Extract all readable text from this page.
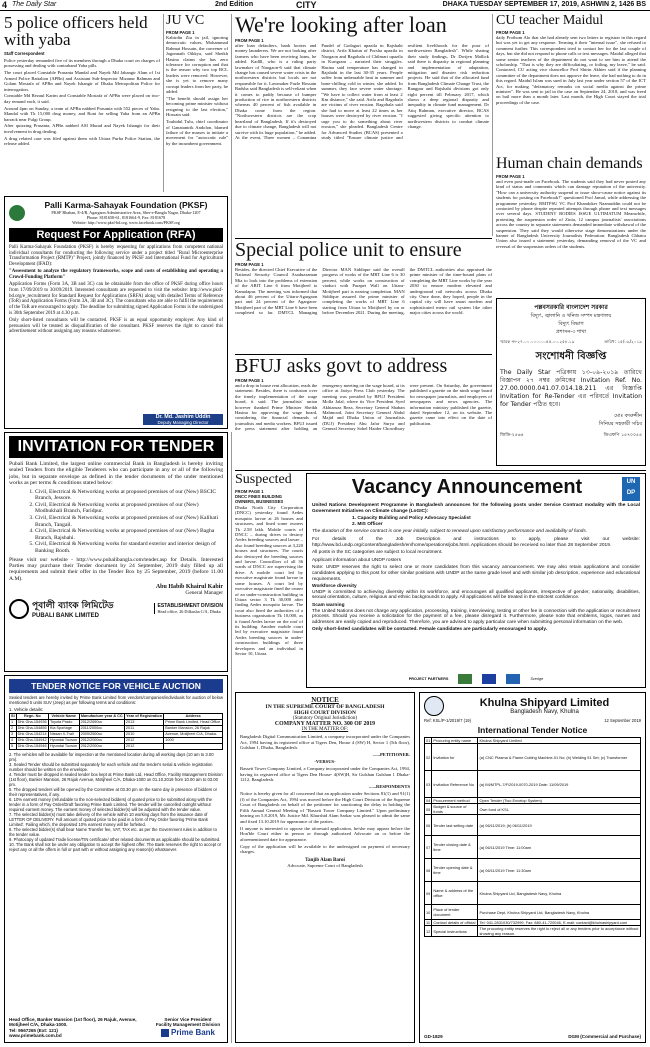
4 The Daily Star	2nd Edition	CITY	DHAKA TUESDAY SEPTEMBER 17, 2019, ASHWIN 2, 1426 BS
5 police officers held with yaba
Staff Correspondent

Police yesterday remanded five of its members through a Dhaka court on charges of possessing and dealing with contraband Yaba pills.

The court placed Constable Prasanta Mandal and Nayek Md Jahangir Alam of 1st Armed Police Battalion (APBn) and Assistant Sub-Inspector Mizanur Rahman and Golam Mostafa of APBn and Nayek Ishangir of Dhaka Metropolitan Police for interrogation.

Constable Md Rezaul Karim and Constable Mostafa of APBn were placed on two-day remand each, it said.

Around 4pm on Sunday, a team of APBn nabbed Prasanta with 552 pieces of Yaba. Mandal with Tk 15,000 drug money, and Roni for selling Yaba from an APBn barrack near Fulgi Group.

After quizzing Prasanta, APBn nabbed ASI Murad and Nayek Ishangir for their involvement in drug dealing.

A drug related case was filed against them with Uttara Purba Police Station, the release added.

JU VC
FROM PAGE 1

Kabirdin Ziu in jail, ignoring democratic values, Mohammad Rahmat Hossain, the convener of Jagonnath Oikkya, said Sheikh Hasina claims she has zero tolerance for corruption and that is the reason why two top BCL leaders were removed. However, she is yet to remove many corrupt leaders from her party, he added.

"The benefit should assign her becoming prime minister without resigning to the last election," Hossain said.

Touhidul Tulu, chief coordinator of Ganatantrik Andolon, blamed failure of the masses to initiate a movement for "autocratic rule" by the incumbent government.

Palli Karma-Sahayak Foundation (PKSF)
PKSF Bhaban, E-4/B, Agargaon Administrative Area, Sher-e-Bangla Nagar, Dhaka-1207
Phone: 8181658-61, 8181664-9, Fax: 8181678
Website: http://www.pksf-bd.org, www.facebook.com/PKSF.org
Request For Application (RFA)

Palli Karma-Sahayak Foundation (PKSF) is hereby requesting for applications from competent national individual consultants for conducting the following service under a project titled "Rural Microenterprise Transformation Project (RMTP)" Project, jointly financed by PKSF and International Fund for Agricultural Development (IFAD):

"Assessment to analyze the regulatory frameworks, scope and costs of establishing and operating a Crowd-Funding Platform"

Application Forms (Form 3A, 3B and 3C) can be obtainable from the office of PKSF during office hours from 17/09/2019 to 30/09/2019. Interested consultants are requested to visit the website: http://www.pksf-bd.org/e_recruitment for Standard Request for Applications (SRFA) along with detailed Terms of Reference (ToR) and Application Forms (Form 3A, 3B and 3C). The consultants who are able to fulfil the requirements of the ToR are encouraged to apply. The deadline for submitting signed Application Forms is the undersigned is 30th September 2019 at 4.30 p.m.

Only short-listed consultants will be contacted. PKSF is an equal opportunity employer. Any kind of persuasion will be treated as disqualification of the consultant. PKSF reserves the right to cancel this advertisement without assigning any reasons whatsoever.

Dr. Md. Jashim Uddin
Deputy Managing Director
INVITATION FOR TENDER
Pubali Bank Limited, the largest online commercial Bank in Bangladesh is hereby inviting sealed Tenders from the eligible Tenderers who can participate in any or all of the following jobs, but in separate envelope as defined in the tender documents of the under mentioned works as per terms & conditions stated below:
1. Civil, Electrical & Networking works at proposed premises of our (New) BSCIC Branch, Jessore.
2. Civil, Electrical & Networking works at proposed premises of our (New) Modhukhali Branch, Faridpur.
3. Civil, Electrical & Networking works at proposed premises of our (New) Kalihati Branch, Tangail.
4. Civil, Electrical & Networking works at proposed premises of our (New) Bagha Branch, Rajshahi.
5. Civil, Electrical & Networking works for standard exterior and interior design of Banking Booth.
Please visit our website - http://www.pubalibangla.com/tender.asp for Details. Interested Parties may purchase their Tender document by 24 September, 2019 duly filled up all requirements and submit their offer in the Tender Box by 25 September, 2019 (before 11.00 A.M).
Abu Habib Khairul Kabir
General Manager
পূবালী ব্যাংক লিমিটেড
PUBALI BANK LIMITED
ESTABLISHMENT DIVISION
Head office, 26 Dilkusha C/A, Dhaka
TENDER NOTICE FOR VEHICLE AUCTION
Sealed tenders are hereby invited by Prime Bank Limited from vendors/companies/individuals for auction of below mentioned 5 units SUV (Jeep) as per following terms and conditions:
1. Vehicle details:
SI	Regn. No	Vehicle Name	Manufacture year & CC	Year of Registration	Address
1	Dhk Gha-154936	Toyota Prado	2012/2690cc	2013	Prime Bank Limited, Head Office
2	Dhk Gha-154856	Kia Sportage	2011/2000cc	2011	Banker Mansion, 26 Rajuk
3	Dhk Gha-154214	Nissan X-Trail	2009/2500cc	2010	Avenue, Motijheel C/A, Dhaka-
4	Dhk Gha-154942	Hyundai Tucson	2012/2000cc	2012	1000
5	Dhk Gha-154946	Hyundai Tucson	2012/2000cc	2012	
2. The vehicles will be available for inspection at the mentioned location during all working days (10 am to 3.00 pm).
3. Sealed Tender should be submitted separately for each vehicle and the tender's serial & vehicle registration number should be written on the envelope.
4. Tender must be dropped in sealed tender box kept at Prime Bank Ltd, Head Office, Facility Management Division (1st floor), Banker Mansion, 26 Rajuk Avenue, Motijheel C/A, Dhaka-1000 on 01.10.2019 from 10.00 am to 03.00 pm.
5. The dropped tenders will be opened by the Committee at 03.30 pm on the same day in presence of bidders or their representatives, if any.
6. 10% earnest money (refundable to the non-selected bidders) of quoted price to be submitted along with the tender in a form of Pay Order/Draft favoring Prime Bank Limited. The tender will be cancelled outright without required earnest money. The earnest money of selected bidder(s) will be adjusted with the tender value.
7. The selected bidder(s) must take delivery of the vehicle within 10 working days from the issuance date of LETTER OF DELIVERY. Full amount of quoted price to be paid in a form of Pay Order favoring 'Prime Bank Limited'. Failing which, the deposited 10% earnest money will be forfeited.
8. The selected bidder(s) shall bear Name Transfer fee, VAT, TAX etc. as per the Government rules in addition to the tender value.
9. Photocopy of updated Trade license/TIN certificate/ other related documents as applicable should be submitted.
10. The Bank shall not be under any obligation to accept the highest offer. The Bank reserves the right to accept or reject any or all the offers in full or part with or without assigning any reason(s) whatsoever.
Head Office, Banker Mansion (1st floor), 26 Rajuk, Avenue, Motijheel C/A, Dhaka-1000.
Tel: 9567265 (Ext: 121)
www.primebank.com.bd
Senior Vice President
Facility Management Division
Prime Bank
We're looking after loan
FROM PAGE 1
after loan defaulters, bank looters and money launderers. We are not looking after farmers who have been receiving loans, he added. Kadlll, who is a ruling party lawmaker of Naogaon-6 said that climate change has caused severe water crisis in the northwestern districts but locals are not responsible for it. Lawmaker Fazle Hossain Badsha said Bangladesh is self-reliant when it comes to paddy because of bumper production of rice in northwestern districts whereas 40 percent of fish available in Dhaka come from the region. "Northwestern districts are the crop heartland of Bangladesh. If it's destroyed due to climate change, Bangladesh will not survive with its huge population," he added. At the event, Three women – Conamina Paudel of Godagari upazila in Rajshahi district, Arifa Khatun of Porsha upazila in Naogaon and Ragobala of Chilmari upazila in Kurigram – narrated their struggles. Hasina said temperature has changed in Rajshahi in the last 30-35 years. People suffer from unbearable heat in summer and bone-chilling cold in winter, she added. In summer, they face severe water shortage. "We have to collect water from at least 2 Km distance," she said. Arifa and Ragobala are victims of river erosion. Ragobala said she had to move at least 22 times as her houses were destroyed by river erosion. "I urge you to do something about river erosion," she pleaded. Bangladesh Centre for Advanced Studies (BCAS) presented a study titled "Ensure climate justice and resilient livelihoods for the poor of northwestern Bangladesh". While sharing their study findings, Dr Dwijen Mallick said there is disparity in regional planning and implementation of adaptation, mitigation and disaster risk reduction projects. He said that of the allocated fund from Bangladesh Climate Change Trust, the Rangpur and Rajshahi divisions got only eight percent till February 2017, which shows a deep regional disparity and inequality in climate fund management. Dr Atiq Rahman, executive director, BCAS suggested giving specific attention to northwestern districts to combat climate change.
CU teacher Maidul
FROM PAGE 1
daily Prothom Alo that she had already sent two letters to registrar in this regard but was yet to get any response. Terming it their "internal issue", she refused to comment further. This correspondent tried to contact her for the last couple of days, but she did not respond to phone calls or text messages. Maidul alleged that some senior teachers of the department do not want to see him to attend the scholarship. "That is why they are difficultating, or foiling, my leave," he said. Contacted, CU acting vice chancellor Prof Shirin Akhter said if the planning committee of the department does not approve the leave, she had nothing to do in this regard. Maidul Islam was sued in July last year under section 57 of the ICT Act, for making "defamatory remarks on social media against the prime minister". He was sent to jail in the case on September 24, 2018, and was freed on bail more than a month later. Last month, the High Court stayed the trial proceedings of the case.
Human chain demands
FROM PAGE 1
and even post-made on Facebook. The students said they had never posted any kind of status and comments which can damage reputation of the university. "How can a university authority suspend or issue show-cause notice against its students for posting on Facebook?" questioned Prof Jamal, while addressing the programme yesterday. RMTPSU VC Prof Khandoker Nazmuddin could not be contacted by phone despite repeated attempts through phone and text messages over several days. STUDENT BODIES ISSUE ULTIMATUM Meanwhile, protesting the suspension order of Zinia, 12 campus journalists' associations across the country in separate statements demanded immediate withdrawal of the suspension. They said they would otherwise stage demonstrations under the banner of Bangladesh University Journalists Federation. Bangladesh Chhatra Union also issued a statement yesterday, demanding removal of the VC and reversal of the suspension orders of the students.
Special police unit to ensure
FROM PAGE 1
Besides, the directed Chief Executive of the National Security Council Asaduzzaman Mia to look into the problems of extension of the ARIT Line 6 from Motijheel to Kamalapur. The meeting was informed that about 46 percent of the Uttara-Agargaon part and 24 percent of the Agargaon-Motijheel part of the MRT Line 6 have been completed so far. DMTCL Managing Director MAN Siddique said the overall progress of works of the MRT Line 6 is 30 percent, while works on construction of viaduct with Parapet Wall on Uttara-Motijheel part is nearing completion. MAN Siddique assured the prime minister of completing the works of MRT Line 6 starting from Uttara to Motijheel by on or before December 2021. During the meeting, the DMTCL authorities also appraised the prime minister of the time-bound plans of completing the MRT Line works by the year 2030 to ensure modern elevated and underground rail networks across Dhaka city. Once done, they hoped, people in the capital city will have smart modern and sophisticated metro rail system like other major cities across the world.
BFUJ asks govt to address
FROM PAGE 1
and a drop in house rent allocation, reads the statement. Besides, there is confusion over the timely implementation of the wage board, it said. The journalists' union however thanked Prime Minister Sheikh Hasina for approving the wage board, considering the financial demands of journalists and media workers. BFUJ issued the press statement after holding an emergency meeting on the wage board, at its office at Jatiyo Press Club yesterday. The meeting was presided by BFUJ President Molla Jalal, where its Vice President Syed Akhtaruzz Reza, Secretary General Shaban Mahmood, Joint Secretary General Abdul Majid and Dhaka Union of Journalists (DUJ) President Abu Jafar Surya and General Secretary Sohel Haider Chowdhury were present. On Saturday, the government published a gazette on the ninth wage board for newspaper journalists, and employees of newspapers and news agencies. The information ministry published the gazette, dated September 12, on its website. The gazette came into effect on the date of publication.
পল্লবসরকারি বাংলাদেশ সরকার
বিদ্যুৎ, জ্বালানি ও খনিজ সম্পদ মন্ত্রণালয়
বিদ্যুৎ বিভাগ
প্রশাসন-৩ শাখা
স্মারক নং-২৭.০০.০০০০.০৫৫.০০.২৫৮.১৯	তারিখ: ১৫/০৯/২০১৯
সংশোধনী বিজ্ঞপ্তি
The Daily Star পত্রিকায় ১৩-০৯-২০১৯ তারিখে বিজ্ঞাপন ২৭ নম্বর ক্রমিকের Invitation Ref. No. 27.00.0000.041.07.014.18.211 এর বিজ্ঞাপ্তি Invitation for Re-Tender এর পরিবর্তে Invitation for Tender পঠিত হবে।
মোঃ বদরুদ্দীন
সিনিয়র সহকারী সচিব
জিডি-২৫৬৪	ডিএফপি ১৫৭০০৫৪
Suspected
FROM PAGE 1
DNCC FINES BUILDING OWNERS, BUSINESSES
Dhaka North City Corporation (DNCC) yesterday found Aedes mosquito larvae at 26 houses and structures, and fined some owners Tk 2.58 lakh. Mobile courts of DNCC – during drives to destroy Aedes breeding sources and larvae – also found breeding sources at 3,220 houses and structures. The courts also destroyed the breeding sources and larvae. Councillors of all 36 wards of DNCC are supervising the drive. A mobile court led by executive magistrate found larvae in some houses. A court led by executive magistrate fined the owner of an under-construction building in Uttara sector 3 Tk 30,000 after finding Aedes mosquito larvae. The court also fined the authorities of a business organisation Tk 10,000, as it found Aedes larvae on the roof of its building. Another mobile court led by executive magistrate found Aedes breeding sources in under-construction buildings of three developers and an individual in Sector 10, Uttara.
Vacancy Announcement	UN DP

United Nations Development Programme in Bangladesh announces for the following posts under Service Contract modality with the Local Government Initiatives on Climate change (LoGIC):

1. Capacity Building and Policy Advocacy Specialist
2. MIS Officer

The duration of the service contract is one year initially, subject to renewal upon satisfactory performance and availability of funds.

For details of the Job Description and instructions to apply, please visit our website: http://www.bd.undp.org/content/bangladesh/en/home/operations/jobs.html. Applications should be received no later than 28 September 2019.

All posts in the SC categories are subject to local recruitment.

Applicant information about UNDP rosters

Note: UNDP reserves the right to select one or more candidates from this vacancy announcement. We may also retain applications and consider candidates applying to this post for other similar positions with UNDP at the same grade level and with similar job description, experience and educational requirements.

Workforce diversity

UNDP is committed to achieving diversity within its workforce, and encourages all qualified applicants, irrespective of gender, nationality, disabilities, sexual orientation, culture, religious and ethnic backgrounds to apply. All applications will be treated in the strictest confidence.

Scam warning

The United Nations does not charge any application, processing, training, interviewing, testing or other fee in connection with the application or recruitment process. Should you receive a solicitation for the payment of a fee, please disregard it. Furthermore, please note that emblems, logos, names and addresses are easily copied and reproduced. Therefore, you are advised to apply particular care when submitting personal information on the web.

Only short-listed candidates will be contacted. Female candidates are particularly encouraged to apply.

PROJECT PARTNERS	Sverige
NOTICE
IN THE SUPREME COURT OF BANGLADESH
HIGH COURT DIVISION
(Statutory Original Jurisdiction)
COMPANY MATTER NO. 300 OF 2019
IN THE MATTER OF:

Bangladesh Digital Communication Limited, a company incorporated under the Companies Act, 1994 having its registered office at Tigers Den, House 4 (SW) H, Sector 1 (5th floor), Gulshan 1, Dhaka, Bangladesh.

......PETITIONER.

-VERSUS-

Bassett Tower Company Limited, a Company incorporated under the Companies Act, 1994, having its registered office at Tigers Den House- 4(SW)H, Sir Gulshan Gulshan 1 Dhaka-1212, Bangladesh.

......RESPONDENTS

Notice is hereby given for all concerned that an application under Sections 81(1) and 91(1)(f) of the Companies Act, 1994 was moved before the High Court Division of the Supreme Court of Bangladesh on behalf of the petitioner for sanctioning the delay in holding the Fifth Annual General Meeting of "Bassett Tower Company Limited." Upon preliminary hearing on 5.8.2019, Mr. Justice Md. Khurshid Alam Sarkar was pleased to admit the same and fixed 13.10.2019 for appearance of the parties.

If anyone is interested to oppose the aforesaid application, he/she may appear before the Hon'ble Court either in person or through authorized Advocate on or before the aforementioned date for appearance.

Copy of the application will be available to the undersigned on payment of necessary charges.

Tanjib Alam Baroi
Advocate, Supreme Court of Bangladesh
Khulna Shipyard Limited
Bangladesh Navy, Khulna
Ref: KSL/P-1/2019/7 (19)	12 September 2019
International Tender Notice
01	Procuring entity name	Khulna Shipyard Limited
02	Invitation for	(a) CNC Plasma & Flame Cutting Machine-01 No; (b) Welding 51 Set; (c) Transformer
03	Invitation Reference No	(a) IM/MTPL-7/F/2019-0070-2019 Date: 11/09/2019
04	Procurement method	Open Tender (Two Envelop System)
05	Budget & source of funds	Own fund of KSL
06	Tender last selling date	(a) 06/11/2019; (b) 06/11/2019
07	Tender closing date & time	(a) 06/11/2019 Time: 11:00am
08	Tender opening date & time	(a) 06/11/2019 Time: 11:30am
09	Name & address of the office	Khulna Shipyard Ltd, Bangladesh Navy, Khulna
10	Place of tender document	Purchase Dept, Khulna Shipyard Ltd, Bangladesh Navy, Khulna
11	Contact details of official	Tel: 041-2831030/732999, Fax: 880-41-720046, E-mail: contact@khulnashipyard.com
12	Special instructions	The procuring entity reserves the right to reject all or any tenders prior to acceptance without showing any reason.
GD-1829	DGM (Commercial and Purchase)
